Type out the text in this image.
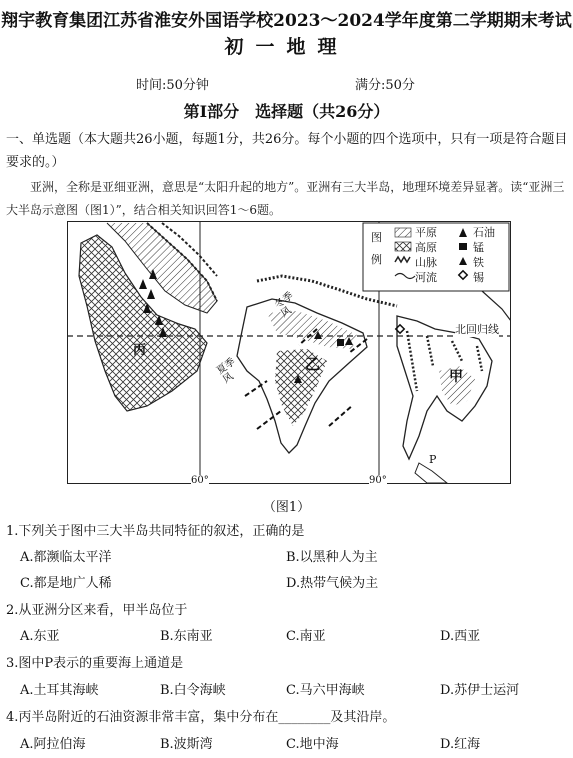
翔宇教育集团江苏省淮安外国语学校2023～2024学年度第二学期期末考试
初一地理
时间:50分钟	满分:50分
第Ⅰ部分　选择题（共26分）
一、单选题（本大题共26小题，每题1分，共26分。每个小题的四个选项中，只有一项是符合题目要求的。）
亚洲，全称是亚细亚洲，意思是“太阳升起的地方”。亚洲有三大半岛，地理环境差异显著。读“亚洲三大半岛示意图（图1）”，结合相关知识回答1～6题。
图例
平原	石油
高原	锰
山脉	铁
河流	锡
丙
乙
甲
P
北回归线
60°	90°
冬季风
夏季风
（图1）
1.下列关于图中三大半岛共同特征的叙述，正确的是
A.都濒临太平洋	B.以黑种人为主
C.都是地广人稀	D.热带气候为主
2.从亚洲分区来看，甲半岛位于
A.东亚	B.东南亚	C.南亚	D.西亚
3.图中P表示的重要海上通道是
A.土耳其海峡	B.白令海峡	C.马六甲海峡	D.苏伊士运河
4.丙半岛附近的石油资源非常丰富，集中分布在________及其沿岸。
A.阿拉伯海	B.波斯湾	C.地中海	D.红海
